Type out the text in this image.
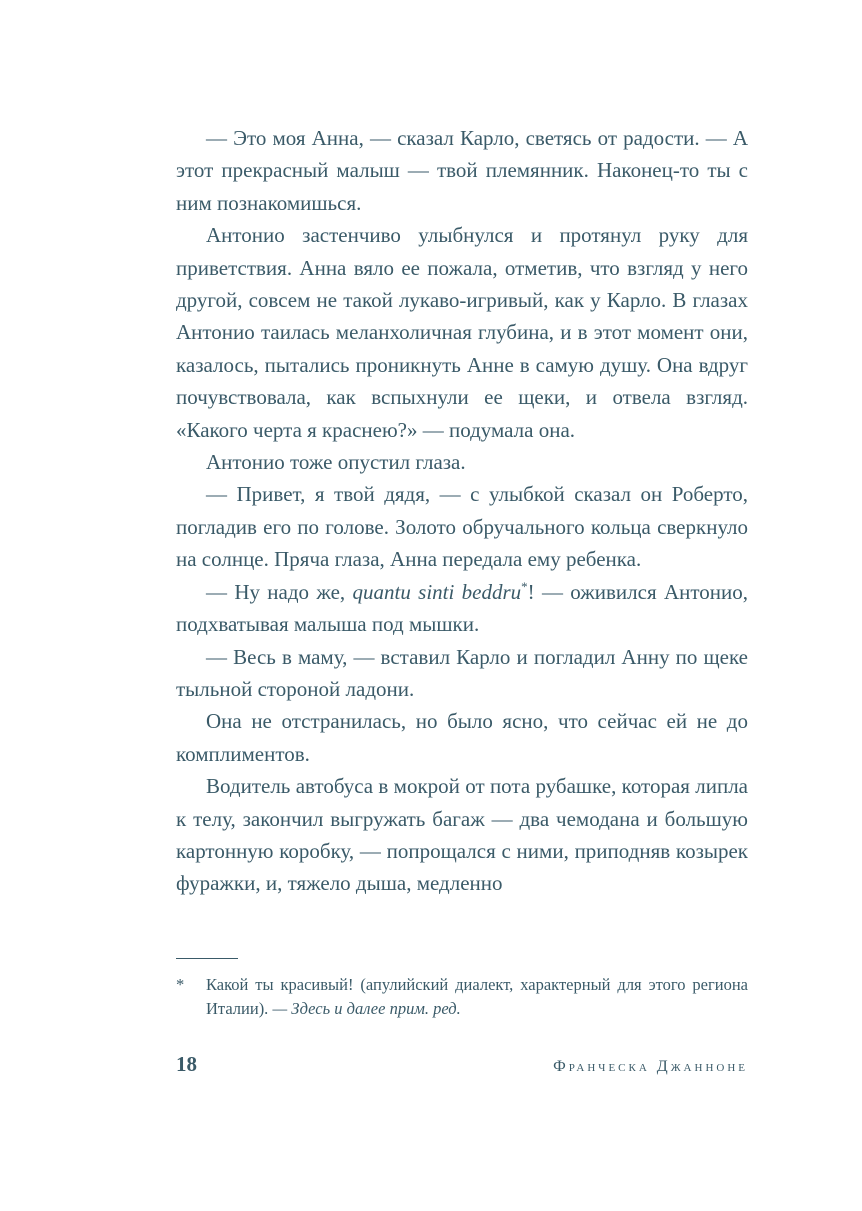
— Это моя Анна, — сказал Карло, светясь от радости. — А этот прекрасный малыш — твой племянник. Наконец-то ты с ним познакомишься.

Антонио застенчиво улыбнулся и протянул руку для приветствия. Анна вяло ее пожала, отметив, что взгляд у него другой, совсем не такой лукаво-игривый, как у Карло. В глазах Антонио таилась меланхоличная глубина, и в этот момент они, казалось, пытались проникнуть Анне в самую душу. Она вдруг почувствовала, как вспыхнули ее щеки, и отвела взгляд. «Какого черта я краснею?» — подумала она.

Антонио тоже опустил глаза.

— Привет, я твой дядя, — с улыбкой сказал он Роберто, погладив его по голове. Золото обручального кольца сверкнуло на солнце. Пряча глаза, Анна передала ему ребенка.

— Ну надо же, quantu sinti beddru*! — оживился Антонио, подхватывая малыша под мышки.

— Весь в маму, — вставил Карло и погладил Анну по щеке тыльной стороной ладони.

Она не отстранилась, но было ясно, что сейчас ей не до комплиментов.

Водитель автобуса в мокрой от пота рубашке, которая липла к телу, закончил выгружать багаж — два чемодана и большую картонную коробку, — попрощался с ними, приподняв козырек фуражки, и, тяжело дыша, медленно

*	Какой ты красивый! (апулийский диалект, характерный для этого региона Италии). — Здесь и далее прим. ред.
18	Франческа Джанноне
